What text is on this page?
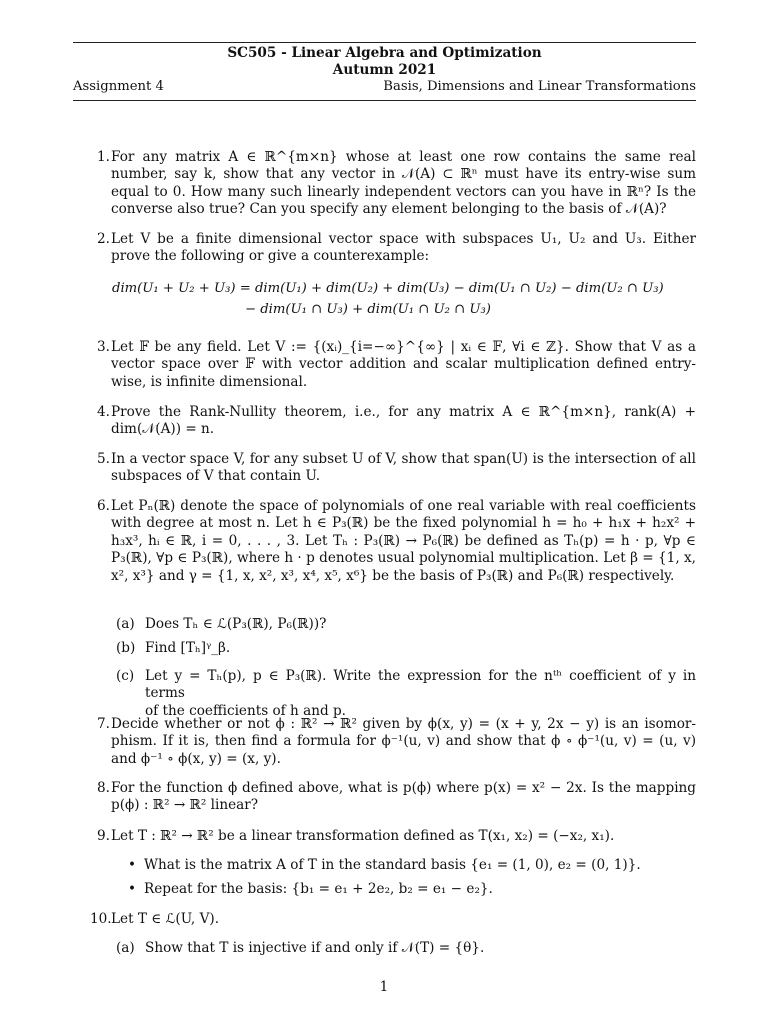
SC505 - Linear Algebra and Optimization
Autumn 2021
Assignment 4	Basis, Dimensions and Linear Transformations
1. For any matrix A ∈ ℝ^{m×n} whose at least one row contains the same real number, say k, show that any vector in 𝒩(A) ⊂ ℝⁿ must have its entry-wise sum equal to 0. How many such linearly independent vectors can you have in ℝⁿ? Is the converse also true? Can you specify any element belonging to the basis of 𝒩(A)?
2. Let V be a finite dimensional vector space with subspaces U₁, U₂ and U₃. Either prove the following or give a counterexample:
dim(U₁ + U₂ + U₃) = dim(U₁) + dim(U₂) + dim(U₃) − dim(U₁ ∩ U₂) − dim(U₂ ∩ U₃)
− dim(U₁ ∩ U₃) + dim(U₁ ∩ U₂ ∩ U₃)
3. Let 𝔽 be any field. Let V := {(xᵢ)_{i=−∞}^{∞} | xᵢ ∈ 𝔽, ∀i ∈ ℤ}. Show that V as a vector space over 𝔽 with vector addition and scalar multiplication defined entry-wise, is infinite dimensional.
4. Prove the Rank-Nullity theorem, i.e., for any matrix A ∈ ℝ^{m×n}, rank(A) + dim(𝒩(A)) = n.
5. In a vector space V, for any subset U of V, show that span(U) is the intersection of all subspaces of V that contain U.
6. Let Pₙ(ℝ) denote the space of polynomials of one real variable with real coefficients with degree at most n. Let h ∈ P₃(ℝ) be the fixed polynomial h = h₀ + h₁x + h₂x² + h₃x³, hᵢ ∈ ℝ, i = 0, . . . , 3. Let Tₕ : P₃(ℝ) → P₆(ℝ) be defined as Tₕ(p) = h · p, ∀p ∈ P₃(ℝ), ∀p ∈ P₃(ℝ), where h · p denotes usual polynomial multiplication. Let β = {1, x, x², x³} and γ = {1, x, x², x³, x⁴, x⁵, x⁶} be the basis of P₃(ℝ) and P₆(ℝ) respectively.
(a) Does Tₕ ∈ ℒ(P₃(ℝ), P₆(ℝ))?
(b) Find [Tₕ]ᵞ_β.
(c) Let y = Tₕ(p), p ∈ P₃(ℝ). Write the expression for the nᵗʰ coefficient of y in terms
of the coefficients of h and p.
7. Decide whether or not ϕ : ℝ² → ℝ² given by ϕ(x, y) = (x + y, 2x − y) is an isomor- phism. If it is, then find a formula for ϕ⁻¹(u, v) and show that ϕ ∘ ϕ⁻¹(u, v) = (u, v) and ϕ⁻¹ ∘ ϕ(x, y) = (x, y).
8. For the function ϕ defined above, what is p(ϕ) where p(x) = x² − 2x. Is the mapping p(ϕ) : ℝ² → ℝ² linear?
9. Let T : ℝ² → ℝ² be a linear transformation defined as T(x₁, x₂) = (−x₂, x₁).
• What is the matrix A of T in the standard basis {e₁ = (1, 0), e₂ = (0, 1)}.
• Repeat for the basis: {b₁ = e₁ + 2e₂, b₂ = e₁ − e₂}.
10. Let T ∈ ℒ(U, V).
(a) Show that T is injective if and only if 𝒩(T) = {θ}.
1
